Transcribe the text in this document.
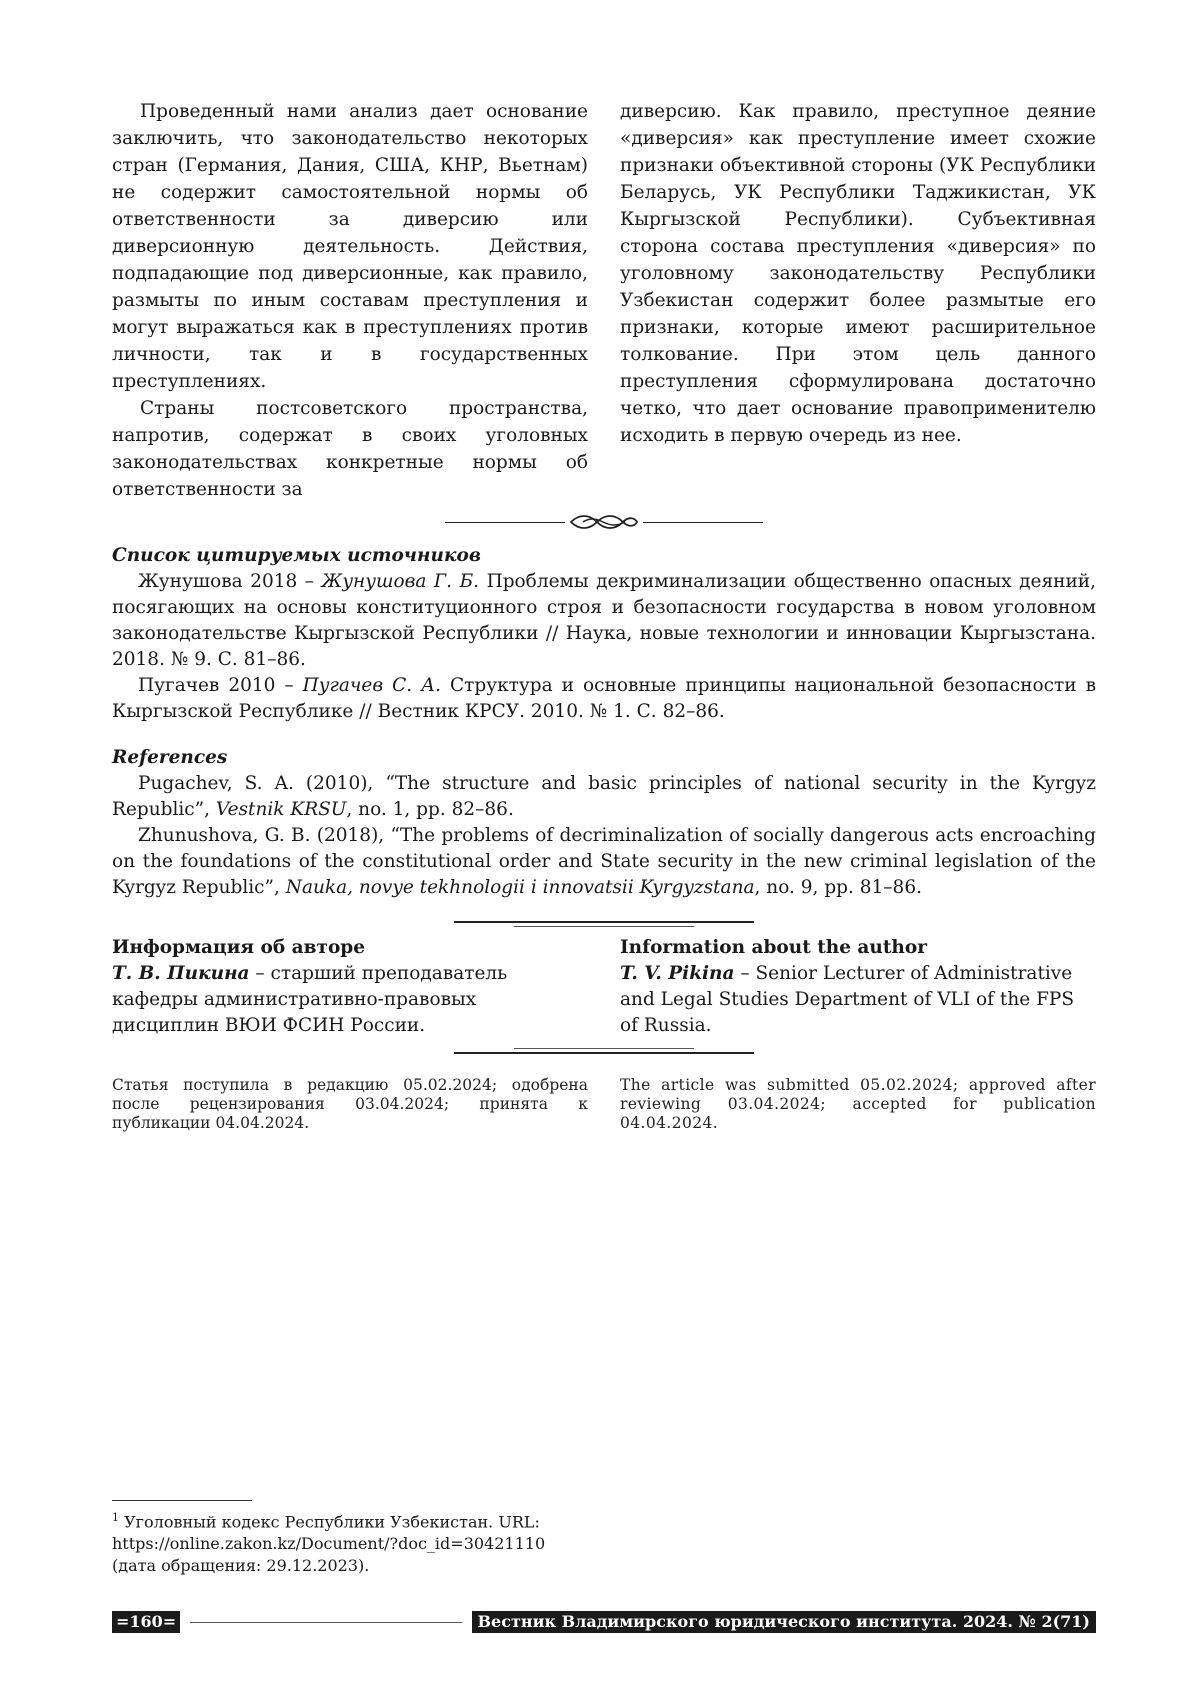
Проведенный нами анализ дает основание заключить, что законодательство некоторых стран (Германия, Дания, США, КНР, Вьетнам) не содержит самостоятельной нормы об ответственности за диверсию или диверсионную деятельность. Действия, подпадающие под диверсионные, как правило, размыты по иным составам преступления и могут выражаться как в преступлениях против личности, так и в государственных преступлениях.

Страны постсоветского пространства, напротив, содержат в своих уголовных законодательствах конкретные нормы об ответственности за

диверсию. Как правило, преступное деяние «диверсия» как преступление имеет схожие признаки объективной стороны (УК Республики Беларусь, УК Республики Таджикистан, УК Кыргызской Республики). Субъективная сторона состава преступления «диверсия» по уголовному законодательству Республики Узбекистан содержит более размытые его признаки, которые имеют расширительное толкование. При этом цель данного преступления сформулирована достаточно четко, что дает основание правоприменителю исходить в первую очередь из нее.

Список цитируемых источников

Жунушова 2018 – Жунушова Г. Б. Проблемы декриминализации общественно опасных деяний, посягающих на основы конституционного строя и безопасности государства в новом уголовном законодательстве Кыргызской Республики // Наука, новые технологии и инновации Кыргызстана. 2018. № 9. С. 81–86.

Пугачев 2010 – Пугачев С. А. Структура и основные принципы национальной безопасности в Кыргызской Республике // Вестник КРСУ. 2010. № 1. С. 82–86.

References

Pugachev, S. A. (2010), “The structure and basic principles of national security in the Kyrgyz Republic”, Vestnik KRSU, no. 1, pp. 82–86.

Zhunushova, G. B. (2018), “The problems of decriminalization of socially dangerous acts encroaching on the foundations of the constitutional order and State security in the new criminal legislation of the Kyrgyz Republic”, Nauka, novye tekhnologii i innovatsii Kyrgyzstana, no. 9, pp. 81–86.

Информация об авторе

Т. В. Пикина – старший преподаватель кафедры административно-правовых дисциплин ВЮИ ФСИН России.

Information about the author

T. V. Pikina – Senior Lecturer of Administrative and Legal Studies Department of VLI of the FPS of Russia.

Статья поступила в редакцию 05.02.2024; одобрена после рецензирования 03.04.2024; принята к публикации 04.04.2024.

The article was submitted 05.02.2024; approved after reviewing 03.04.2024; accepted for publication 04.04.2024.

$^1$ Уголовный кодекс Республики Узбекистан. URL: https://online.zakon.kz/Document/?doc_id=30421110 (дата обращения: 29.12.2023).

=160=	Вестник Владимирского юридического института. 2024. № 2(71)
